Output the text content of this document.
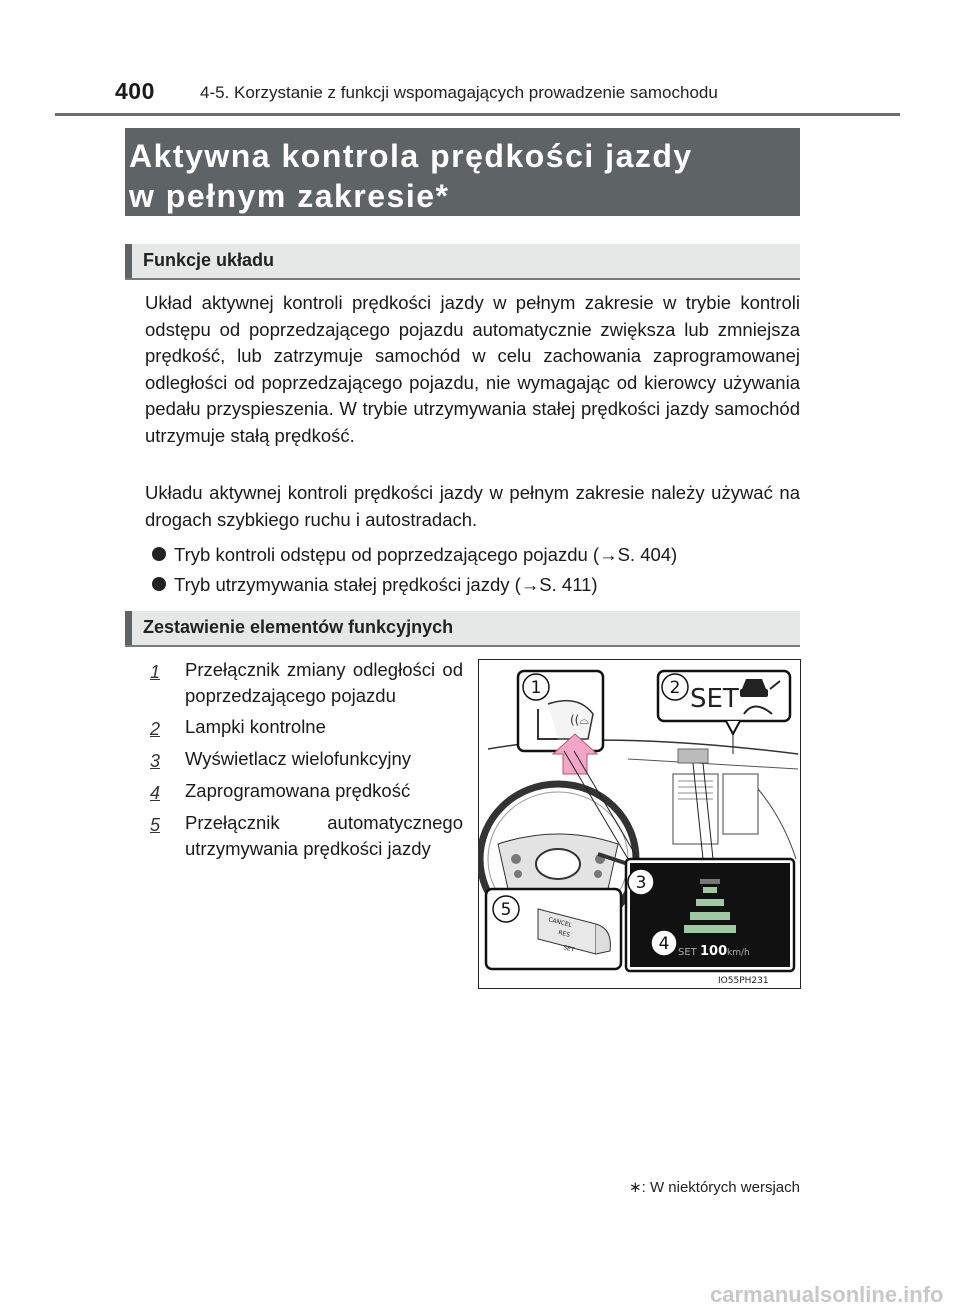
400	4-5. Korzystanie z funkcji wspomagających prowadzenie samochodu
Aktywna kontrola prędkości jazdy
w pełnym zakresie*
Funkcje układu
Układ aktywnej kontroli prędkości jazdy w pełnym zakresie w trybie kontroli odstępu od poprzedzającego pojazdu automatycznie zwiększa lub zmniejsza prędkość, lub zatrzymuje samochód w celu zachowania zaprogramowanej odległości od poprzedzającego pojazdu, nie wymagając od kierowcy używania pedału przyspieszenia. W trybie utrzymywania stałej prędkości jazdy samochód utrzymuje stałą prędkość.
Układu aktywnej kontroli prędkości jazdy w pełnym zakresie należy używać na drogach szybkiego ruchu i autostradach.
Tryb kontroli odstępu od poprzedzającego pojazdu (→S. 404)
Tryb utrzymywania stałej prędkości jazdy (→S. 411)
Zestawienie elementów funkcyjnych
1 Przełącznik zmiany odległości od poprzedzającego pojazdu
2 Lampki kontrolne
3 Wyświetlacz wielofunkcyjny
4 Zaprogramowana prędkość
5 Przełącznik automatycznego utrzymywania prędkości jazdy
((⌓
SET
SET 100 km/h
CANCEL
RES
SET
1	2
3
4
5
IO55PH231
∗: W niektórych wersjach
carmanualsonline.info
